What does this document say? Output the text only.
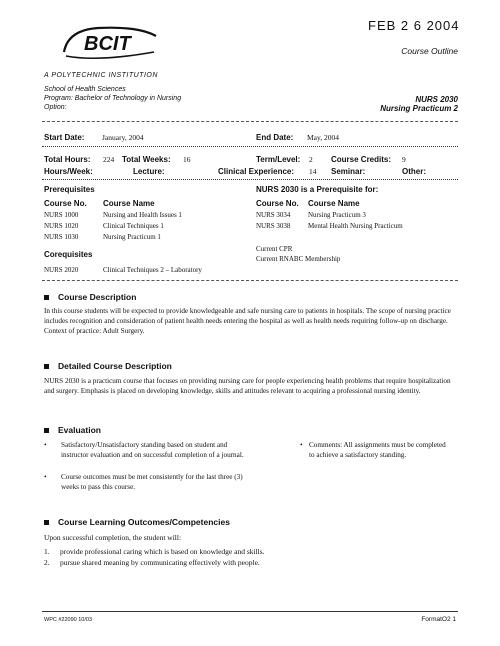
BCIT
FEB 2 6 2004
Course Outline
A POLYTECHNIC INSTITUTION
School of Health Sciences
Program: Bachelor of Technology in Nursing
Option:
NURS 2030
Nursing Practicum 2
Start Date: January, 2004	End Date: May, 2004
Total Hours: 224 Total Weeks: 16	Term/Level: 2 Course Credits: 9
Hours/Week:	Lecture:	Clinical Experience: 14 Seminar:	Other:
Prerequisites
Course No. Course Name
NURS 1000	Nursing and Health Issues 1
NURS 1020	Clinical Techniques 1
NURS 1030	Nursing Practicum 1
Corequisites
NURS 2020	Clinical Techniques 2 – Laboratory
NURS 2030 is a Prerequisite for:
Course No. Course Name
NURS 3034	Nursing Practicum 3
NURS 3038	Mental Health Nursing Practicum
Current CPR
Current RNABC Membership
Course Description
In this course students will be expected to provide knowledgeable and safe nursing care to patients in hospitals. The scope of nursing practice includes recognition and consideration of patient health needs entering the hospital as well as health needs requiring follow-up on discharge. Context of practice: Adult Surgery.
Detailed Course Description
NURS 2030 is a practicum course that focuses on providing nursing care for people experiencing health problems that require hospitalization and surgery. Emphasis is placed on developing knowledge, skills and attitudes relevant to acquiring a professional nursing identity.
Evaluation
• Satisfactory/Unsatisfactory standing based on student and instructor evaluation and on successful completion of a journal.
• Course outcomes must be met consistently for the last three (3) weeks to pass this course.
• Comments: All assignments must be completed to achieve a satisfactory standing.
Course Learning Outcomes/Competencies
Upon successful completion, the student will:
1. provide professional caring which is based on knowledge and skills.
2. pursue shared meaning by communicating effectively with people.
WPC #22090 10/03	FormatO2 1
